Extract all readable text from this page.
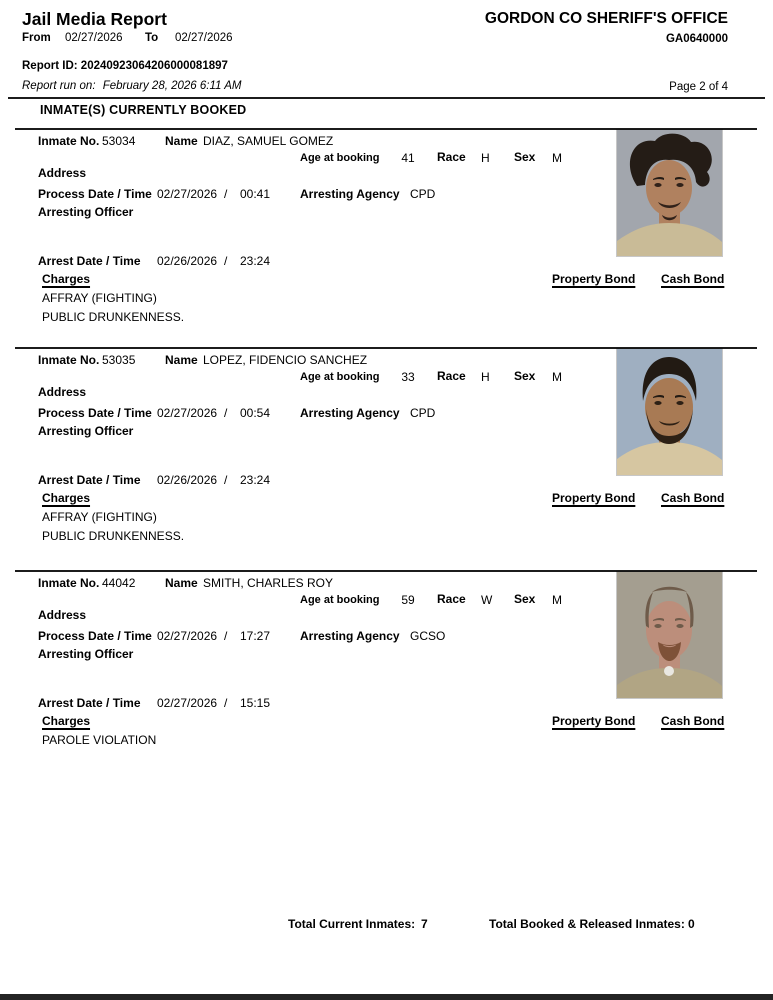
Jail Media Report
From 02/27/2026 To 02/27/2026
GORDON CO SHERIFF'S OFFICE
GA0640000
Report ID: 20240923064206000081897
Report run on: February 28, 2026 6:11 AM	Page 2 of 4
INMATE(S) CURRENTLY BOOKED
Inmate No. 53034 Name DIAZ, SAMUEL GOMEZ
Age at booking	41	Race H Sex M
Address
Process Date / Time 02/27/2026 / 00:41 Arresting Agency CPD
Arresting Officer
Arrest Date / Time 02/26/2026 / 23:24
Charges
AFFRAY (FIGHTING)
PUBLIC DRUNKENNESS.
Property Bond Cash Bond
Inmate No. 53035 Name LOPEZ, FIDENCIO SANCHEZ
Age at booking	33	Race H Sex M
Address
Process Date / Time 02/27/2026 / 00:54 Arresting Agency CPD
Arresting Officer
Arrest Date / Time 02/26/2026 / 23:24
Charges
AFFRAY (FIGHTING)
PUBLIC DRUNKENNESS.
Property Bond Cash Bond
Inmate No. 44042 Name SMITH, CHARLES ROY
Age at booking	59	Race W Sex M
Address
Process Date / Time 02/27/2026 / 17:27 Arresting Agency GCSO
Arresting Officer
Arrest Date / Time 02/27/2026 / 15:15
Charges
PAROLE VIOLATION
Property Bond Cash Bond
Total Current Inmates: 7	Total Booked & Released Inmates: 0
